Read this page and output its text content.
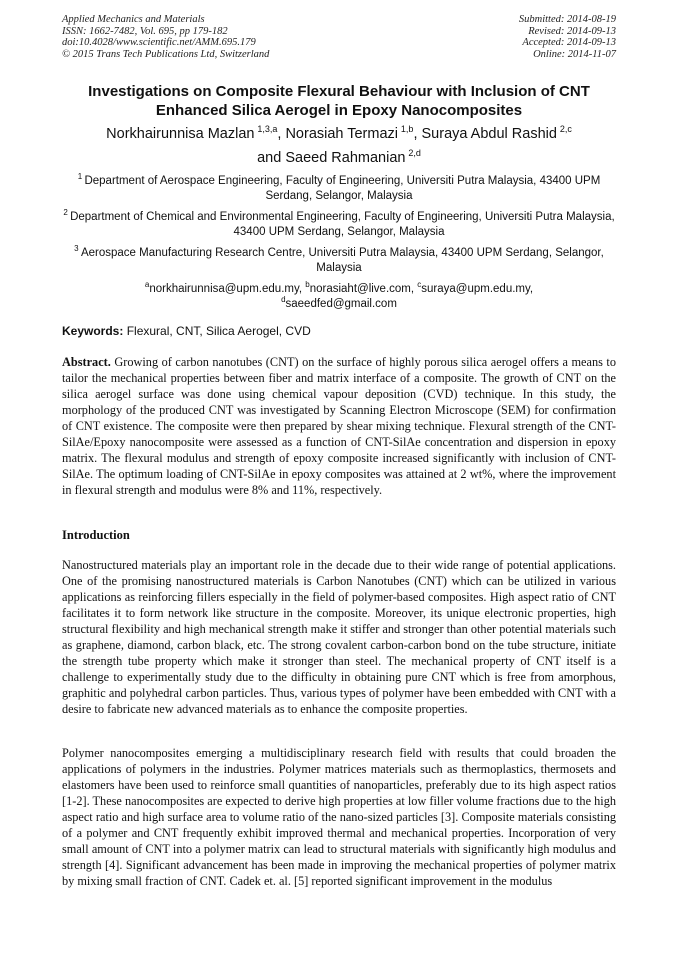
Applied Mechanics and Materials
ISSN: 1662-7482, Vol. 695, pp 179-182
doi:10.4028/www.scientific.net/AMM.695.179
© 2015 Trans Tech Publications Ltd, Switzerland
Submitted: 2014-08-19
Revised: 2014-09-13
Accepted: 2014-09-13
Online: 2014-11-07
Investigations on Composite Flexural Behaviour with Inclusion of CNT
Enhanced Silica Aerogel in Epoxy Nanocomposites
Norkhairunnisa Mazlan  $^{1,3,a}$, Norasiah Termazi  $^{1,b}$, Suraya Abdul Rashid  $^{2,c}$
and Saeed Rahmanian  $^{2,d}$
$^1$  Department of Aerospace Engineering, Faculty of Engineering, Universiti Putra Malaysia, 43400 UPM Serdang, Selangor, Malaysia
$^2$  Department of Chemical and Environmental Engineering, Faculty of Engineering, Universiti Putra Malaysia, 43400 UPM Serdang, Selangor, Malaysia
$^3$  Aerospace Manufacturing Research Centre, Universiti Putra Malaysia, 43400 UPM Serdang, Selangor, Malaysia
$^a$norkhairunnisa@upm.edu.my, $^b$norasiaht@live.com, $^c$suraya@upm.edu.my,
$^d$saeedfed@gmail.com
Keywords: Flexural, CNT, Silica Aerogel, CVD

Abstract. Growing of carbon nanotubes (CNT) on the surface of highly porous silica aerogel offers a means to tailor the mechanical properties between fiber and matrix interface of a composite. The growth of CNT on the silica aerogel surface was done using chemical vapour deposition (CVD) technique. In this study, the morphology of the produced CNT was investigated by Scanning Electron Microscope (SEM) for confirmation of CNT existence. The composite were then prepared by shear mixing technique. Flexural strength of the CNT-SilAe/Epoxy nanocomposite were assessed as a function of CNT-SilAe concentration and dispersion in epoxy matrix. The flexural modulus and strength of epoxy composite increased significantly with inclusion of CNT-SilAe. The optimum loading of CNT-SilAe in epoxy composites was attained at 2 wt%, where the improvement in flexural strength and modulus were 8% and 11%, respectively.

Introduction

Nanostructured materials play an important role in the decade due to their wide range of potential applications. One of the promising nanostructured materials is Carbon Nanotubes (CNT) which can be utilized in various applications as reinforcing fillers especially in the field of polymer-based composites. High aspect ratio of CNT facilitates it to form network like structure in the composite. Moreover, its unique electronic properties, high structural flexibility and high mechanical strength make it stiffer and stronger than other potential materials such as graphene, diamond, carbon black, etc. The strong covalent carbon-carbon bond on the tube structure, initiate the strength tube property which make it stronger than steel. The mechanical property of CNT itself is a challenge to experimentally study due to the difficulty in obtaining pure CNT which is free from amorphous, graphitic and polyhedral carbon particles. Thus, various types of polymer have been embedded with CNT with a desire to fabricate new advanced materials as to enhance the composite properties.

Polymer nanocomposites emerging a multidisciplinary research field with results that could broaden the applications of polymers in the industries. Polymer matrices materials such as thermoplastics, thermosets and elastomers have been used to reinforce small quantities of nanoparticles, preferably due to its high aspect ratios [1-2]. These nanocomposites are expected to derive high properties at low filler volume fractions due to the high aspect ratio and high surface area to volume ratio of the nano-sized particles [3]. Composite materials consisting of a polymer and CNT frequently exhibit improved thermal and mechanical properties. Incorporation of very small amount of CNT into a polymer matrix can lead to structural materials with significantly high modulus and strength [4]. Significant advancement has been made in improving the mechanical properties of polymer matrix by mixing small fraction of CNT. Cadek et. al. [5] reported significant improvement in the modulus
